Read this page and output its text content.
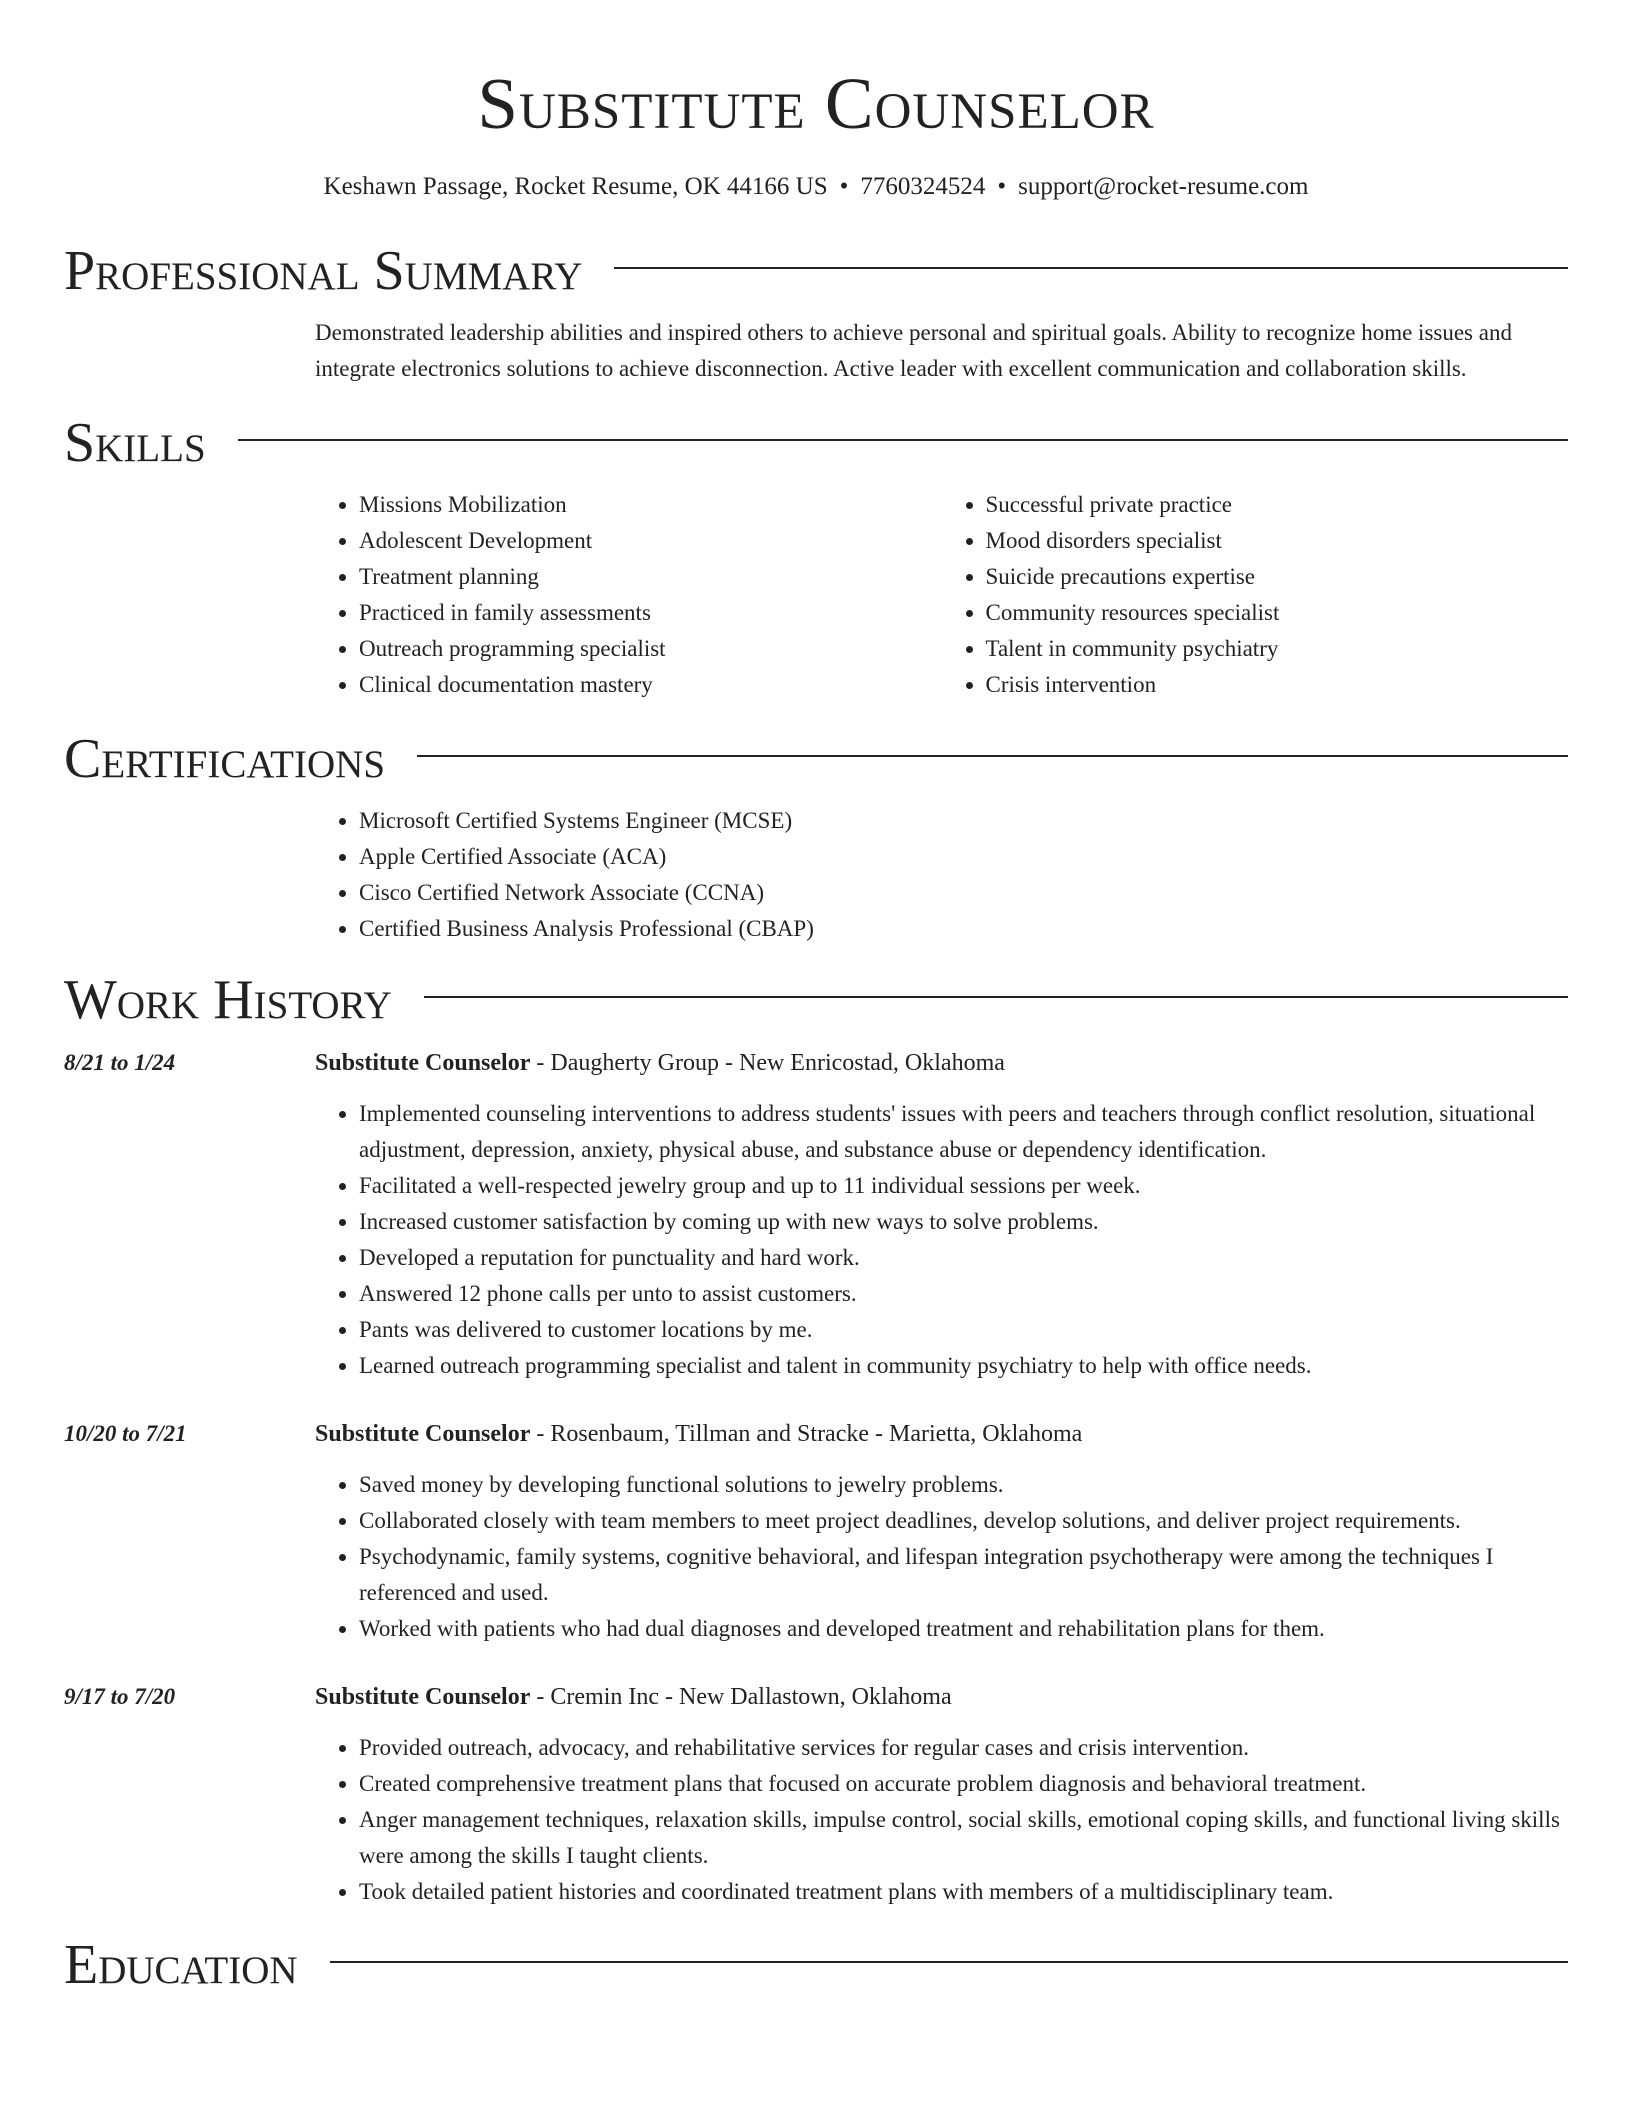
Substitute Counselor
Keshawn Passage, Rocket Resume, OK 44166 US • 7760324524 • support@rocket-resume.com
Professional Summary

Demonstrated leadership abilities and inspired others to achieve personal and spiritual goals. Ability to recognize home issues and integrate electronics solutions to achieve disconnection. Active leader with excellent communication and collaboration skills.

Skills
• Missions Mobilization
• Adolescent Development
• Treatment planning
• Practiced in family assessments
• Outreach programming specialist
• Clinical documentation mastery
• Successful private practice
• Mood disorders specialist
• Suicide precautions expertise
• Community resources specialist
• Talent in community psychiatry
• Crisis intervention
Certifications
• Microsoft Certified Systems Engineer (MCSE)
• Apple Certified Associate (ACA)
• Cisco Certified Network Associate (CCNA)
• Certified Business Analysis Professional (CBAP)
Work History
8/21 to 1/24	Substitute Counselor - Daugherty Group - New Enricostad, Oklahoma
• Implemented counseling interventions to address students' issues with peers and teachers through conflict resolution, situational adjustment, depression, anxiety, physical abuse, and substance abuse or dependency identification.
• Facilitated a well-respected jewelry group and up to 11 individual sessions per week.
• Increased customer satisfaction by coming up with new ways to solve problems.
• Developed a reputation for punctuality and hard work.
• Answered 12 phone calls per unto to assist customers.
• Pants was delivered to customer locations by me.
• Learned outreach programming specialist and talent in community psychiatry to help with office needs.
10/20 to 7/21	Substitute Counselor - Rosenbaum, Tillman and Stracke - Marietta, Oklahoma
• Saved money by developing functional solutions to jewelry problems.
• Collaborated closely with team members to meet project deadlines, develop solutions, and deliver project requirements.
• Psychodynamic, family systems, cognitive behavioral, and lifespan integration psychotherapy were among the techniques I referenced and used.
• Worked with patients who had dual diagnoses and developed treatment and rehabilitation plans for them.
9/17 to 7/20	Substitute Counselor - Cremin Inc - New Dallastown, Oklahoma
• Provided outreach, advocacy, and rehabilitative services for regular cases and crisis intervention.
• Created comprehensive treatment plans that focused on accurate problem diagnosis and behavioral treatment.
• Anger management techniques, relaxation skills, impulse control, social skills, emotional coping skills, and functional living skills were among the skills I taught clients.
• Took detailed patient histories and coordinated treatment plans with members of a multidisciplinary team.
Education
